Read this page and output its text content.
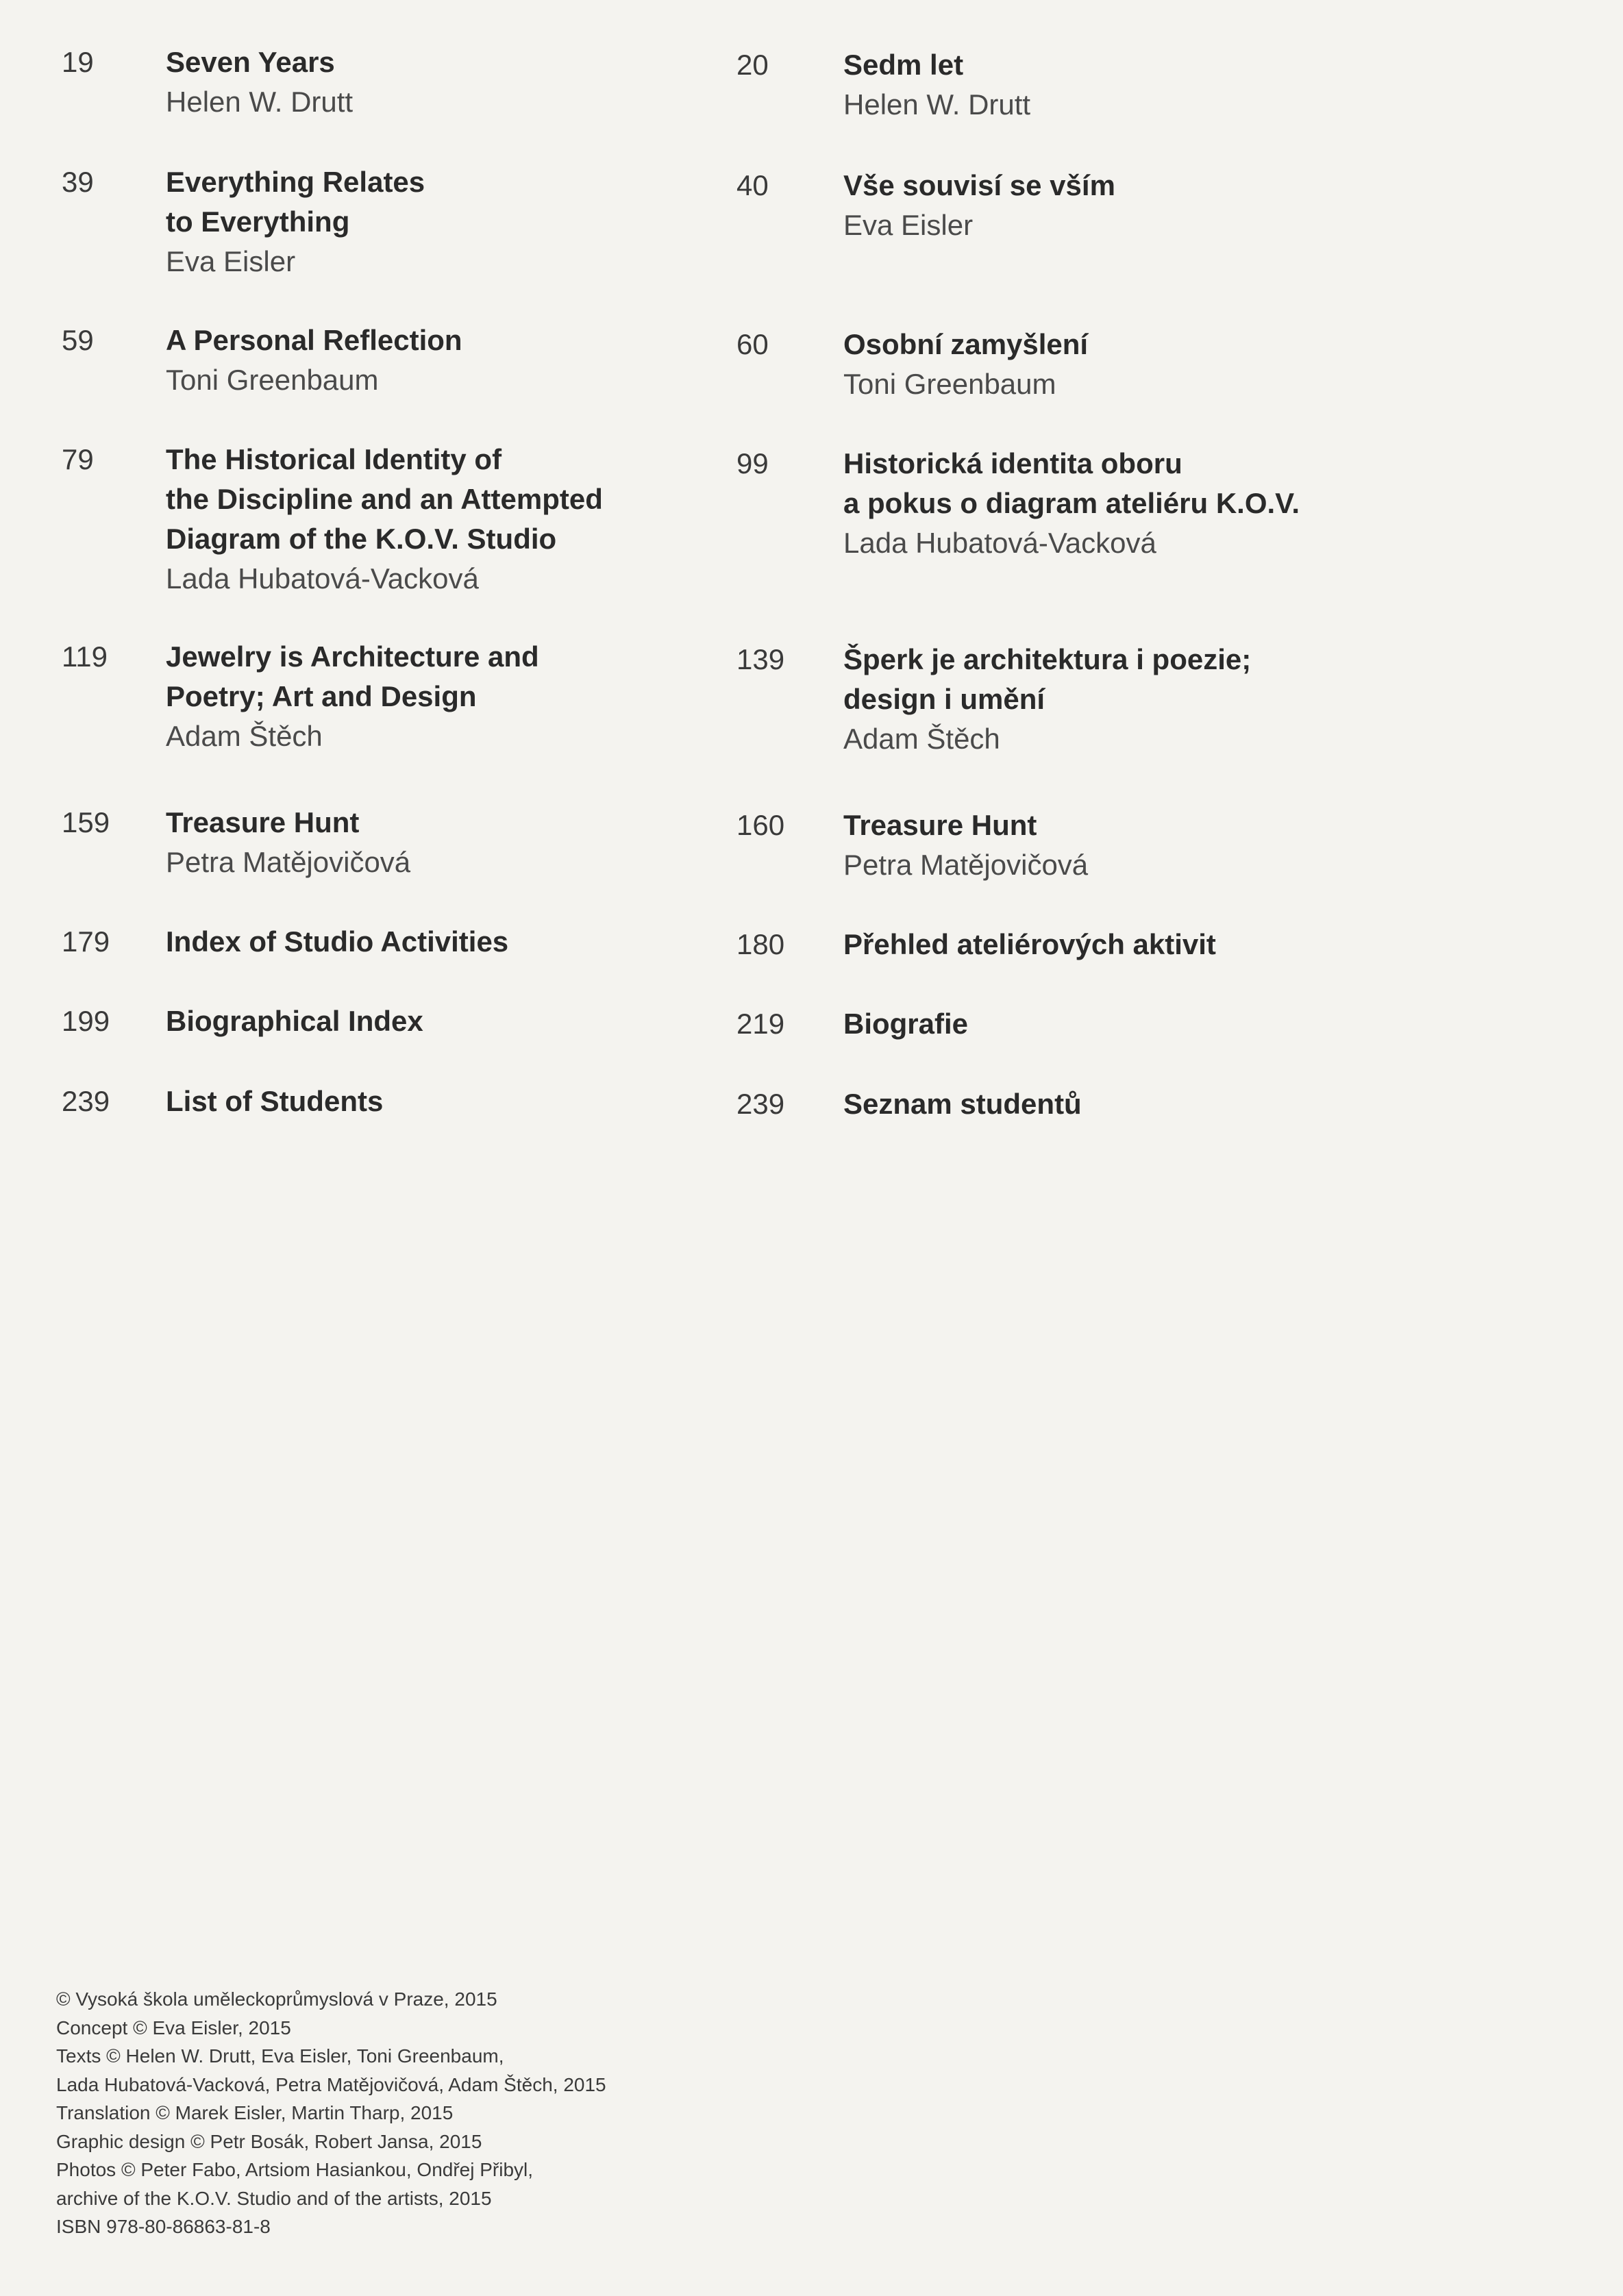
19	Seven Years
Helen W. Drutt
39	Everything Relates
to Everything
Eva Eisler
59	A Personal Reflection
Toni Greenbaum
79	The Historical Identity of
the Discipline and an Attempted
Diagram of the K.O.V. Studio
Lada Hubatová-Vacková
119 Jewelry is Architecture and
Poetry; Art and Design
Adam Štěch
159 Treasure Hunt
Petra Matějovičová
179 Index of Studio Activities
199 Biographical Index
239 List of Students
20	Sedm let
Helen W. Drutt
40	Vše souvisí se vším
Eva Eisler
60	Osobní zamyšlení
Toni Greenbaum
99	Historická identita oboru
a pokus o diagram ateliéru K.O.V.
Lada Hubatová-Vacková
139 Šperk je architektura i poezie;
design i umění
Adam Štěch
160 Treasure Hunt
Petra Matějovičová
180 Přehled ateliérových aktivit
219 Biografie
239 Seznam studentů
© Vysoká škola uměleckoprůmyslová v Praze, 2015
Concept © Eva Eisler, 2015
Texts © Helen W. Drutt, Eva Eisler, Toni Greenbaum,
Lada Hubatová-Vacková, Petra Matějovičová, Adam Štěch, 2015
Translation © Marek Eisler, Martin Tharp, 2015
Graphic design © Petr Bosák, Robert Jansa, 2015
Photos © Peter Fabo, Artsiom Hasiankou, Ondřej Přibyl,
archive of the K.O.V. Studio and of the artists, 2015
ISBN 978-80-86863-81-8
